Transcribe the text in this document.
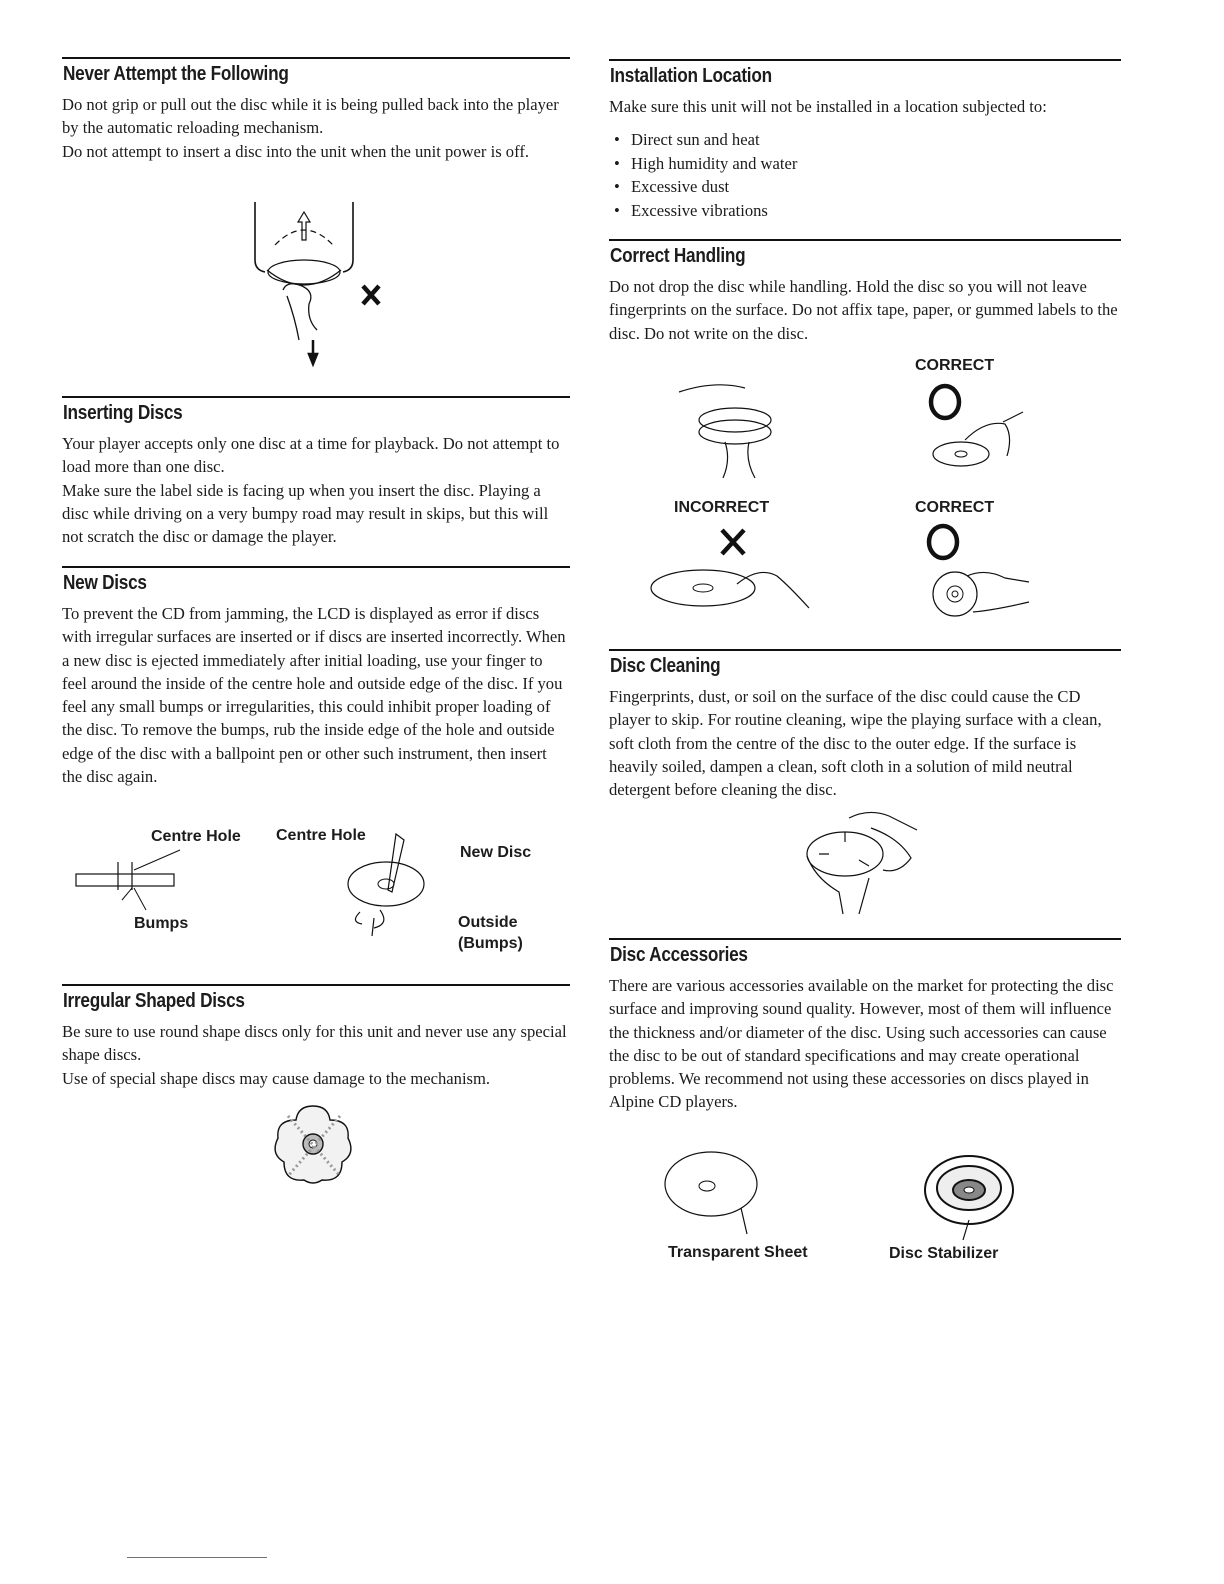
Never Attempt the Following

Do not grip or pull out the disc while it is being pulled back into the player by the automatic reloading mechanism.

Do not attempt to insert a disc into the unit when the unit power is off.

Inserting Discs

Your player accepts only one disc at a time for playback. Do not attempt to load more than one disc.

Make sure the label side is facing up when you insert the disc. Playing a disc while driving on a very bumpy road may result in skips, but this will not scratch the disc or damage the player.

New Discs

To prevent the CD from jamming, the LCD is displayed as error if discs with irregular surfaces are inserted or if discs are inserted incorrectly. When a new disc is ejected immediately after initial loading, use your finger to feel around the inside of the centre hole and outside edge of the disc. If you feel any small bumps or irregularities, this could inhibit proper loading of the disc. To remove the bumps, rub the inside edge of the hole and outside edge of the disc with a ballpoint pen or other such instrument, then insert the disc again.

Centre Hole Centre Hole
New Disc
Bumps	Outside
(Bumps)
Irregular Shaped Discs

Be sure to use round shape discs only for this unit and never use any special shape discs.

Use of special shape discs may cause damage to the mechanism.

Installation Location

Make sure this unit will not be installed in a location subjected to:

• Direct sun and heat
• High humidity and water
• Excessive dust
• Excessive vibrations
Correct Handling

Do not drop the disc while handling. Hold the disc so you will not leave fingerprints on the surface. Do not affix tape, paper, or gummed labels to the disc. Do not write on the disc.

CORRECT
INCORRECT	CORRECT
Disc Cleaning

Fingerprints, dust, or soil on the surface of the disc could cause the CD player to skip. For routine cleaning, wipe the playing surface with a clean, soft cloth from the centre of the disc to the outer edge. If the surface is heavily soiled, dampen a clean, soft cloth in a solution of mild neutral detergent before cleaning the disc.

Disc Accessories

There are various accessories available on the market for protecting the disc surface and improving sound quality. However, most of them will influence the thickness and/or diameter of the disc. Using such accessories can cause the disc to be out of standard specifications and may create operational problems. We recommend not using these accessories on discs played in Alpine CD players.

Transparent Sheet	Disc Stabilizer
